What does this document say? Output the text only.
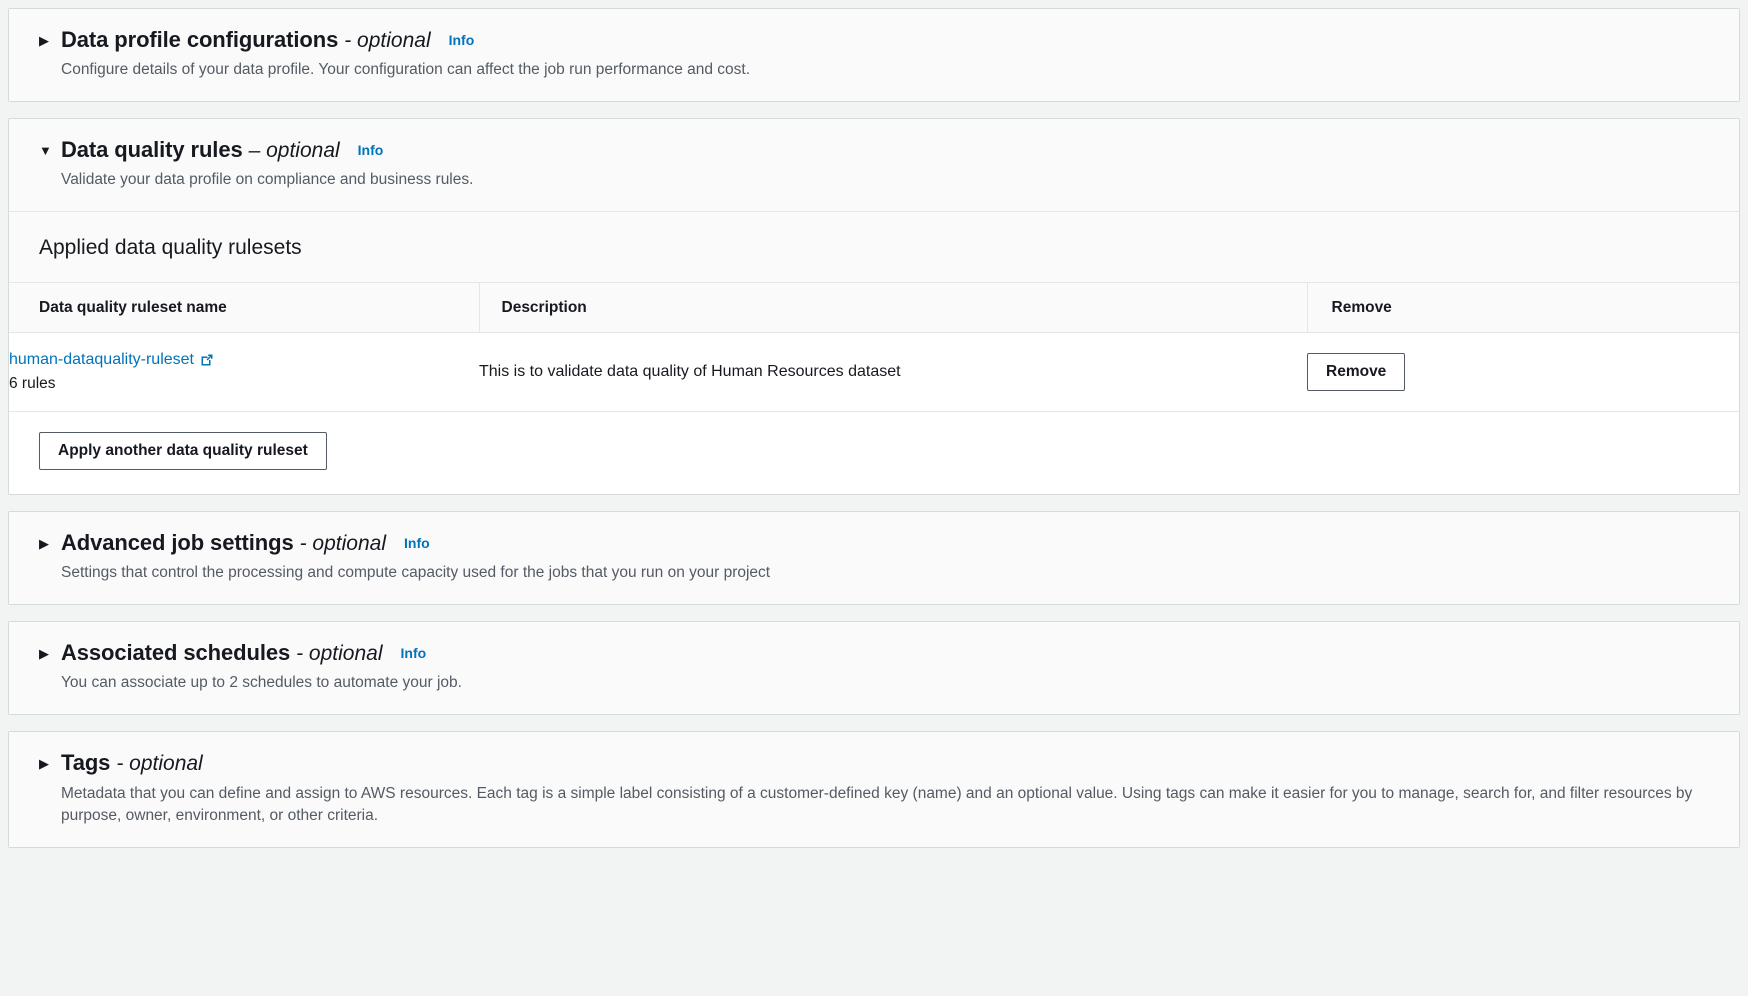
▶ Data profile configurations - optional Info
Configure details of your data profile. Your configuration can affect the job run performance and cost.
▼ Data quality rules – optional Info
Validate your data profile on compliance and business rules.
Applied data quality rulesets
Data quality ruleset name	Description	Remove

human-dataquality-ruleset
6 rules	This is to validate data quality of Human Resources dataset	Remove
Apply another data quality ruleset
▶ Advanced job settings - optional Info
Settings that control the processing and compute capacity used for the jobs that you run on your project
▶ Associated schedules - optional Info
You can associate up to 2 schedules to automate your job.
▶ Tags - optional
Metadata that you can define and assign to AWS resources. Each tag is a simple label consisting of a customer-defined key (name) and an optional value. Using tags can make it easier for you to manage, search for, and filter resources by purpose, owner, environment, or other criteria.
